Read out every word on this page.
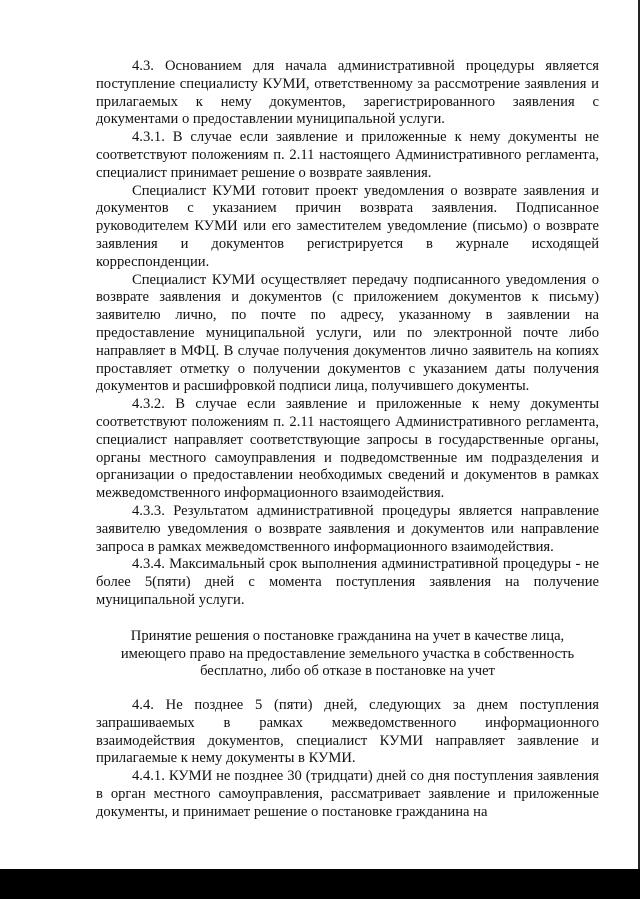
4.3. Основанием для начала административной процедуры является поступление специалисту КУМИ, ответственному за рассмотрение заявления и прилагаемых к нему документов, зарегистрированного заявления с документами о предоставлении муниципальной услуги.

4.3.1. В случае если заявление и приложенные к нему документы не соответствуют положениям п. 2.11 настоящего Административного регламента, специалист принимает решение о возврате заявления.

Специалист КУМИ готовит проект уведомления о возврате заявления и документов с указанием причин возврата заявления. Подписанное руководителем КУМИ или его заместителем уведомление (письмо) о возврате заявления и документов регистрируется в журнале исходящей корреспонденции.

Специалист КУМИ осуществляет передачу подписанного уведомления о возврате заявления и документов (с приложением документов к письму) заявителю лично, по почте по адресу, указанному в заявлении на предоставление муниципальной услуги, или по электронной почте либо направляет в МФЦ. В случае получения документов лично заявитель на копиях проставляет отметку о получении документов с указанием даты получения документов и расшифровкой подписи лица, получившего документы.

4.3.2. В случае если заявление и приложенные к нему документы соответствуют положениям п. 2.11 настоящего Административного регламента, специалист направляет соответствующие запросы в государственные органы, органы местного самоуправления и подведомственные им подразделения и организации о предоставлении необходимых сведений и документов в рамках межведомственного информационного взаимодействия.

4.3.3. Результатом административной процедуры является направление заявителю уведомления о возврате заявления и документов или направление запроса в рамках межведомственного информационного взаимодействия.

4.3.4. Максимальный срок выполнения административной процедуры - не более 5(пяти) дней с момента поступления заявления на получение муниципальной услуги.

Принятие решения о постановке гражданина на учет в качестве лица,
имеющего право на предоставление земельного участка в собственность
бесплатно, либо об отказе в постановке на учет

4.4. Не позднее 5 (пяти) дней, следующих за днем поступления запрашиваемых в рамках межведомственного информационного взаимодействия документов, специалист КУМИ направляет заявление и прилагаемые к нему документы в КУМИ.

4.4.1. КУМИ не позднее 30 (тридцати) дней со дня поступления заявления в орган местного самоуправления, рассматривает заявление и приложенные документы, и принимает решение о постановке гражданина на
